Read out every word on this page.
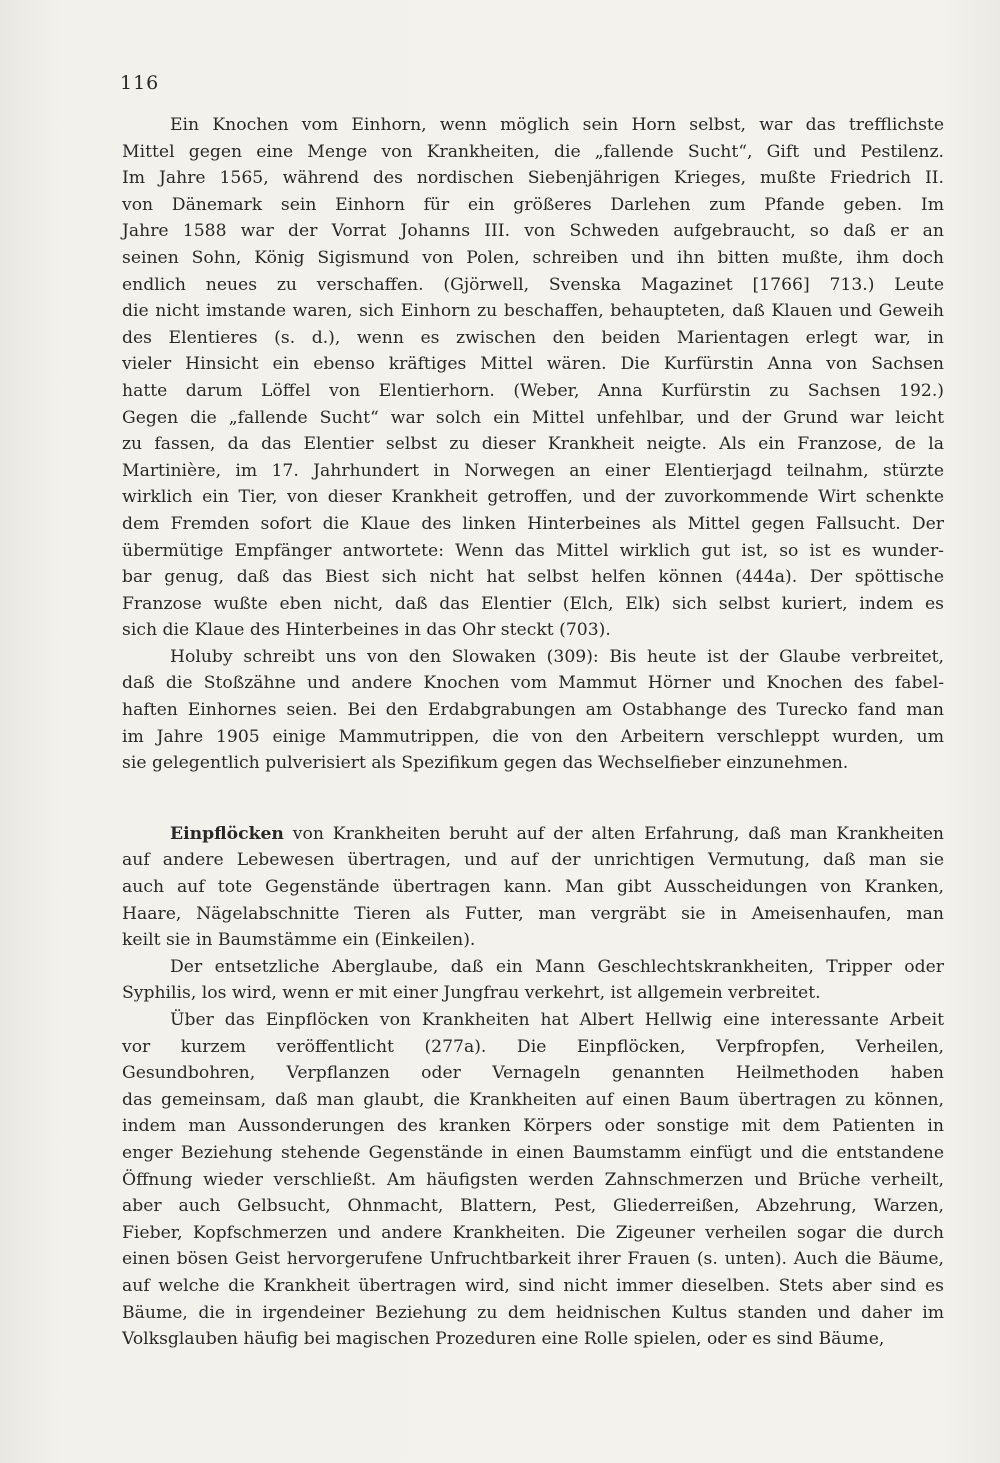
116
Ein Knochen vom Einhorn, wenn möglich sein Horn selbst, war das trefflichste
Mittel gegen eine Menge von Krankheiten, die „fallende Sucht“, Gift und Pestilenz.
Im Jahre 1565, während des nordischen Siebenjährigen Krieges, mußte Friedrich II.
von Dänemark sein Einhorn für ein größeres Darlehen zum Pfande geben. Im
Jahre 1588 war der Vorrat Johanns III. von Schweden aufgebraucht, so daß er an
seinen Sohn, König Sigismund von Polen, schreiben und ihn bitten mußte, ihm doch
endlich neues zu verschaffen. (Gjörwell, Svenska Magazinet [1766] 713.) Leute
die nicht imstande waren, sich Einhorn zu beschaffen, behaupteten, daß Klauen und Geweih
des Elentieres (s. d.), wenn es zwischen den beiden Marientagen erlegt war, in
vieler Hinsicht ein ebenso kräftiges Mittel wären. Die Kurfürstin Anna von Sachsen
hatte darum Löffel von Elentierhorn. (Weber, Anna Kurfürstin zu Sachsen 192.)
Gegen die „fallende Sucht“ war solch ein Mittel unfehlbar, und der Grund war leicht
zu fassen, da das Elentier selbst zu dieser Krankheit neigte. Als ein Franzose, de la
Martinière, im 17. Jahrhundert in Norwegen an einer Elentierjagd teilnahm, stürzte
wirklich ein Tier, von dieser Krankheit getroffen, und der zuvorkommende Wirt schenkte
dem Fremden sofort die Klaue des linken Hinterbeines als Mittel gegen Fallsucht. Der
übermütige Empfänger antwortete: Wenn das Mittel wirklich gut ist, so ist es wunder-
bar genug, daß das Biest sich nicht hat selbst helfen können (444a). Der spöttische
Franzose wußte eben nicht, daß das Elentier (Elch, Elk) sich selbst kuriert, indem es
sich die Klaue des Hinterbeines in das Ohr steckt (703).
Holuby schreibt uns von den Slowaken (309): Bis heute ist der Glaube verbreitet,
daß die Stoßzähne und andere Knochen vom Mammut Hörner und Knochen des fabel-
haften Einhornes seien. Bei den Erdabgrabungen am Ostabhange des Turecko fand man
im Jahre 1905 einige Mammutrippen, die von den Arbeitern verschleppt wurden, um
sie gelegentlich pulverisiert als Spezifikum gegen das Wechselfieber einzunehmen.
Einpflöcken von Krankheiten beruht auf der alten Erfahrung, daß man Krankheiten
auf andere Lebewesen übertragen, und auf der unrichtigen Vermutung, daß man sie
auch auf tote Gegenstände übertragen kann. Man gibt Ausscheidungen von Kranken,
Haare, Nägelabschnitte Tieren als Futter, man vergräbt sie in Ameisenhaufen, man
keilt sie in Baumstämme ein (Einkeilen).
Der entsetzliche Aberglaube, daß ein Mann Geschlechtskrankheiten, Tripper oder
Syphilis, los wird, wenn er mit einer Jungfrau verkehrt, ist allgemein verbreitet.
Über das Einpflöcken von Krankheiten hat Albert Hellwig eine interessante Arbeit
vor kurzem veröffentlicht (277a). Die Einpflöcken, Verpfropfen, Verheilen,
Gesundbohren, Verpflanzen oder Vernageln genannten Heilmethoden haben
das gemeinsam, daß man glaubt, die Krankheiten auf einen Baum übertragen zu können,
indem man Aussonderungen des kranken Körpers oder sonstige mit dem Patienten in
enger Beziehung stehende Gegenstände in einen Baumstamm einfügt und die entstandene
Öffnung wieder verschließt. Am häufigsten werden Zahnschmerzen und Brüche verheilt,
aber auch Gelbsucht, Ohnmacht, Blattern, Pest, Gliederreißen, Abzehrung, Warzen,
Fieber, Kopfschmerzen und andere Krankheiten. Die Zigeuner verheilen sogar die durch
einen bösen Geist hervorgerufene Unfruchtbarkeit ihrer Frauen (s. unten). Auch die Bäume,
auf welche die Krankheit übertragen wird, sind nicht immer dieselben. Stets aber sind es
Bäume, die in irgendeiner Beziehung zu dem heidnischen Kultus standen und daher im
Volksglauben häufig bei magischen Prozeduren eine Rolle spielen, oder es sind Bäume,
